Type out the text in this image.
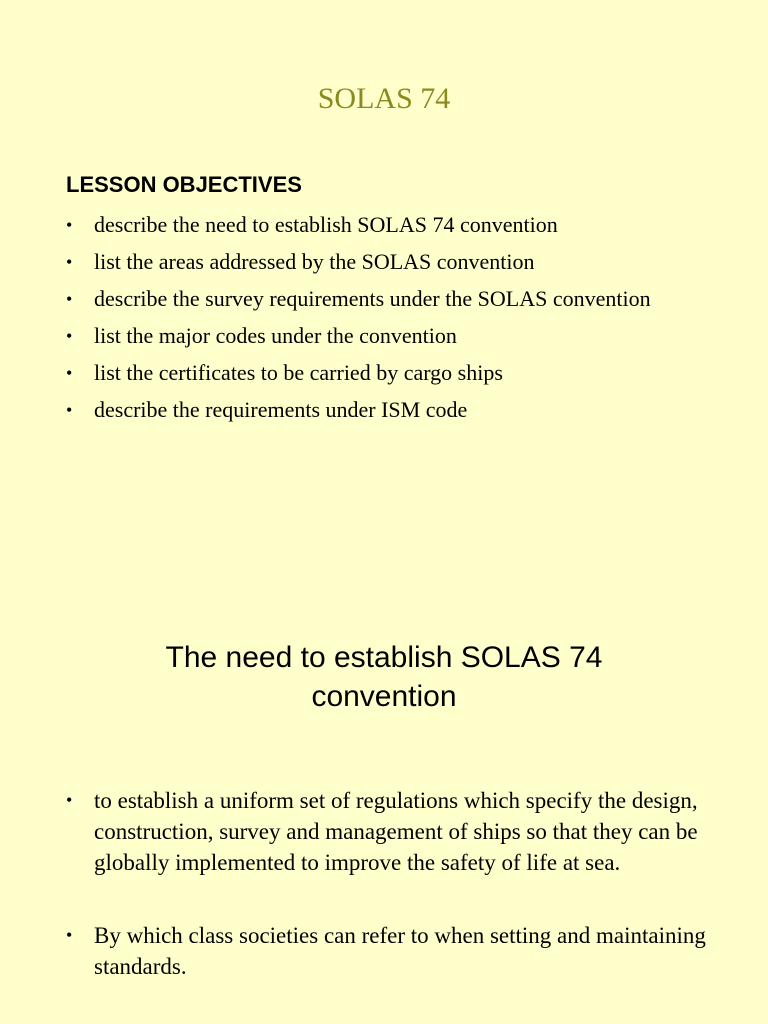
SOLAS 74
LESSON OBJECTIVES
• describe the need to establish SOLAS 74 convention
• list the areas addressed by the SOLAS convention
• describe the survey requirements under the SOLAS convention
• list the major codes under the convention
• list the certificates to be carried by cargo ships
• describe the requirements under ISM code
The need to establish SOLAS 74
convention
• to establish a uniform set of regulations which specify the design, construction, survey and management of ships so that they can be globally implemented to improve the safety of life at sea.
• By which class societies can refer to when setting and maintaining standards.
